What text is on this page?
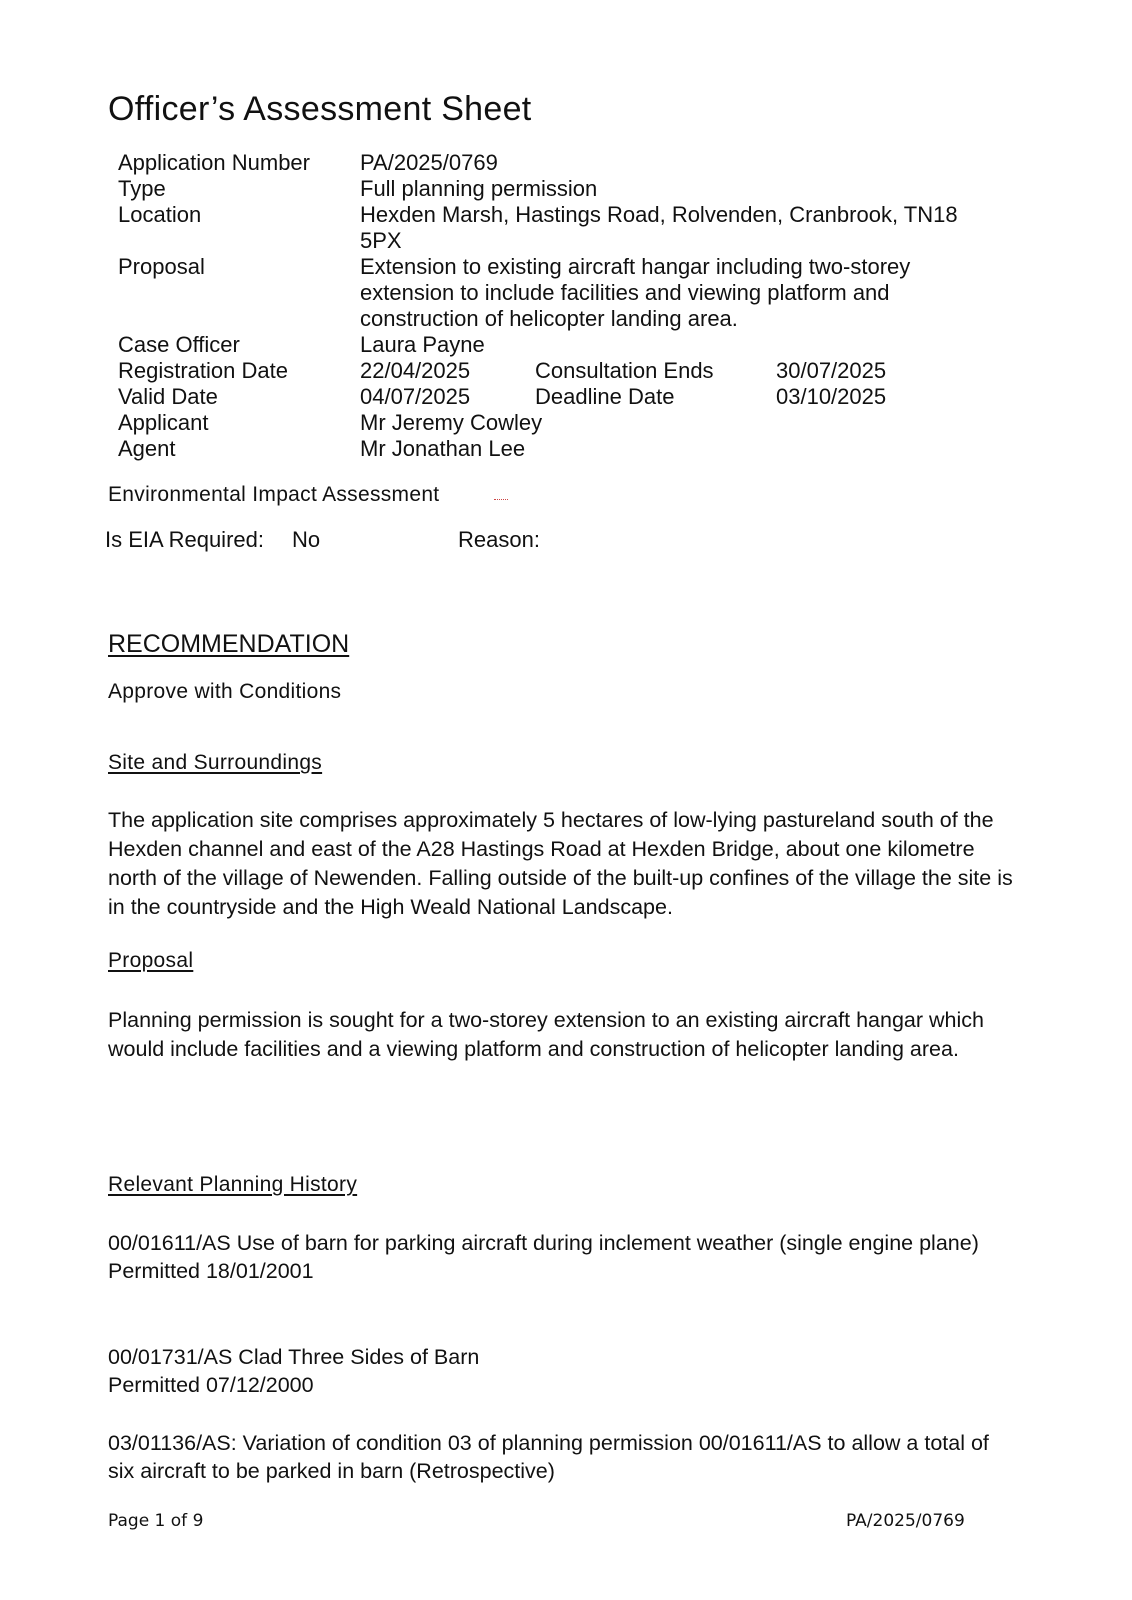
Officer’s Assessment Sheet
Application Number PA/2025/0769
Type	Full planning permission
Location	Hexden Marsh, Hastings Road, Rolvenden, Cranbrook, TN18 5PX
Proposal	Extension to existing aircraft hangar including two-storey extension to include facilities and viewing platform and construction of helicopter landing area.
Case Officer	Laura Payne
Registration Date	22/04/2025	Consultation Ends	30/07/2025
Valid Date	04/07/2025	Deadline Date	03/10/2025
Applicant	Mr Jeremy Cowley
Agent	Mr Jonathan Lee
Environmental Impact Assessment
Is EIA Required: No	Reason:
RECOMMENDATION
Approve with Conditions
Site and Surroundings
The application site comprises approximately 5 hectares of low-lying pastureland south of the Hexden channel and east of the A28 Hastings Road at Hexden Bridge, about one kilometre north of the village of Newenden. Falling outside of the built-up confines of the village the site is in the countryside and the High Weald National Landscape.
Proposal
Planning permission is sought for a two-storey extension to an existing aircraft hangar which would include facilities and a viewing platform and construction of helicopter landing area.
Relevant Planning History
00/01611/AS Use of barn for parking aircraft during inclement weather (single engine plane)
Permitted 18/01/2001
00/01731/AS Clad Three Sides of Barn
Permitted 07/12/2000
03/01136/AS: Variation of condition 03 of planning permission 00/01611/AS to allow a total of six aircraft to be parked in barn (Retrospective)
Page 1 of 9	PA/2025/0769
